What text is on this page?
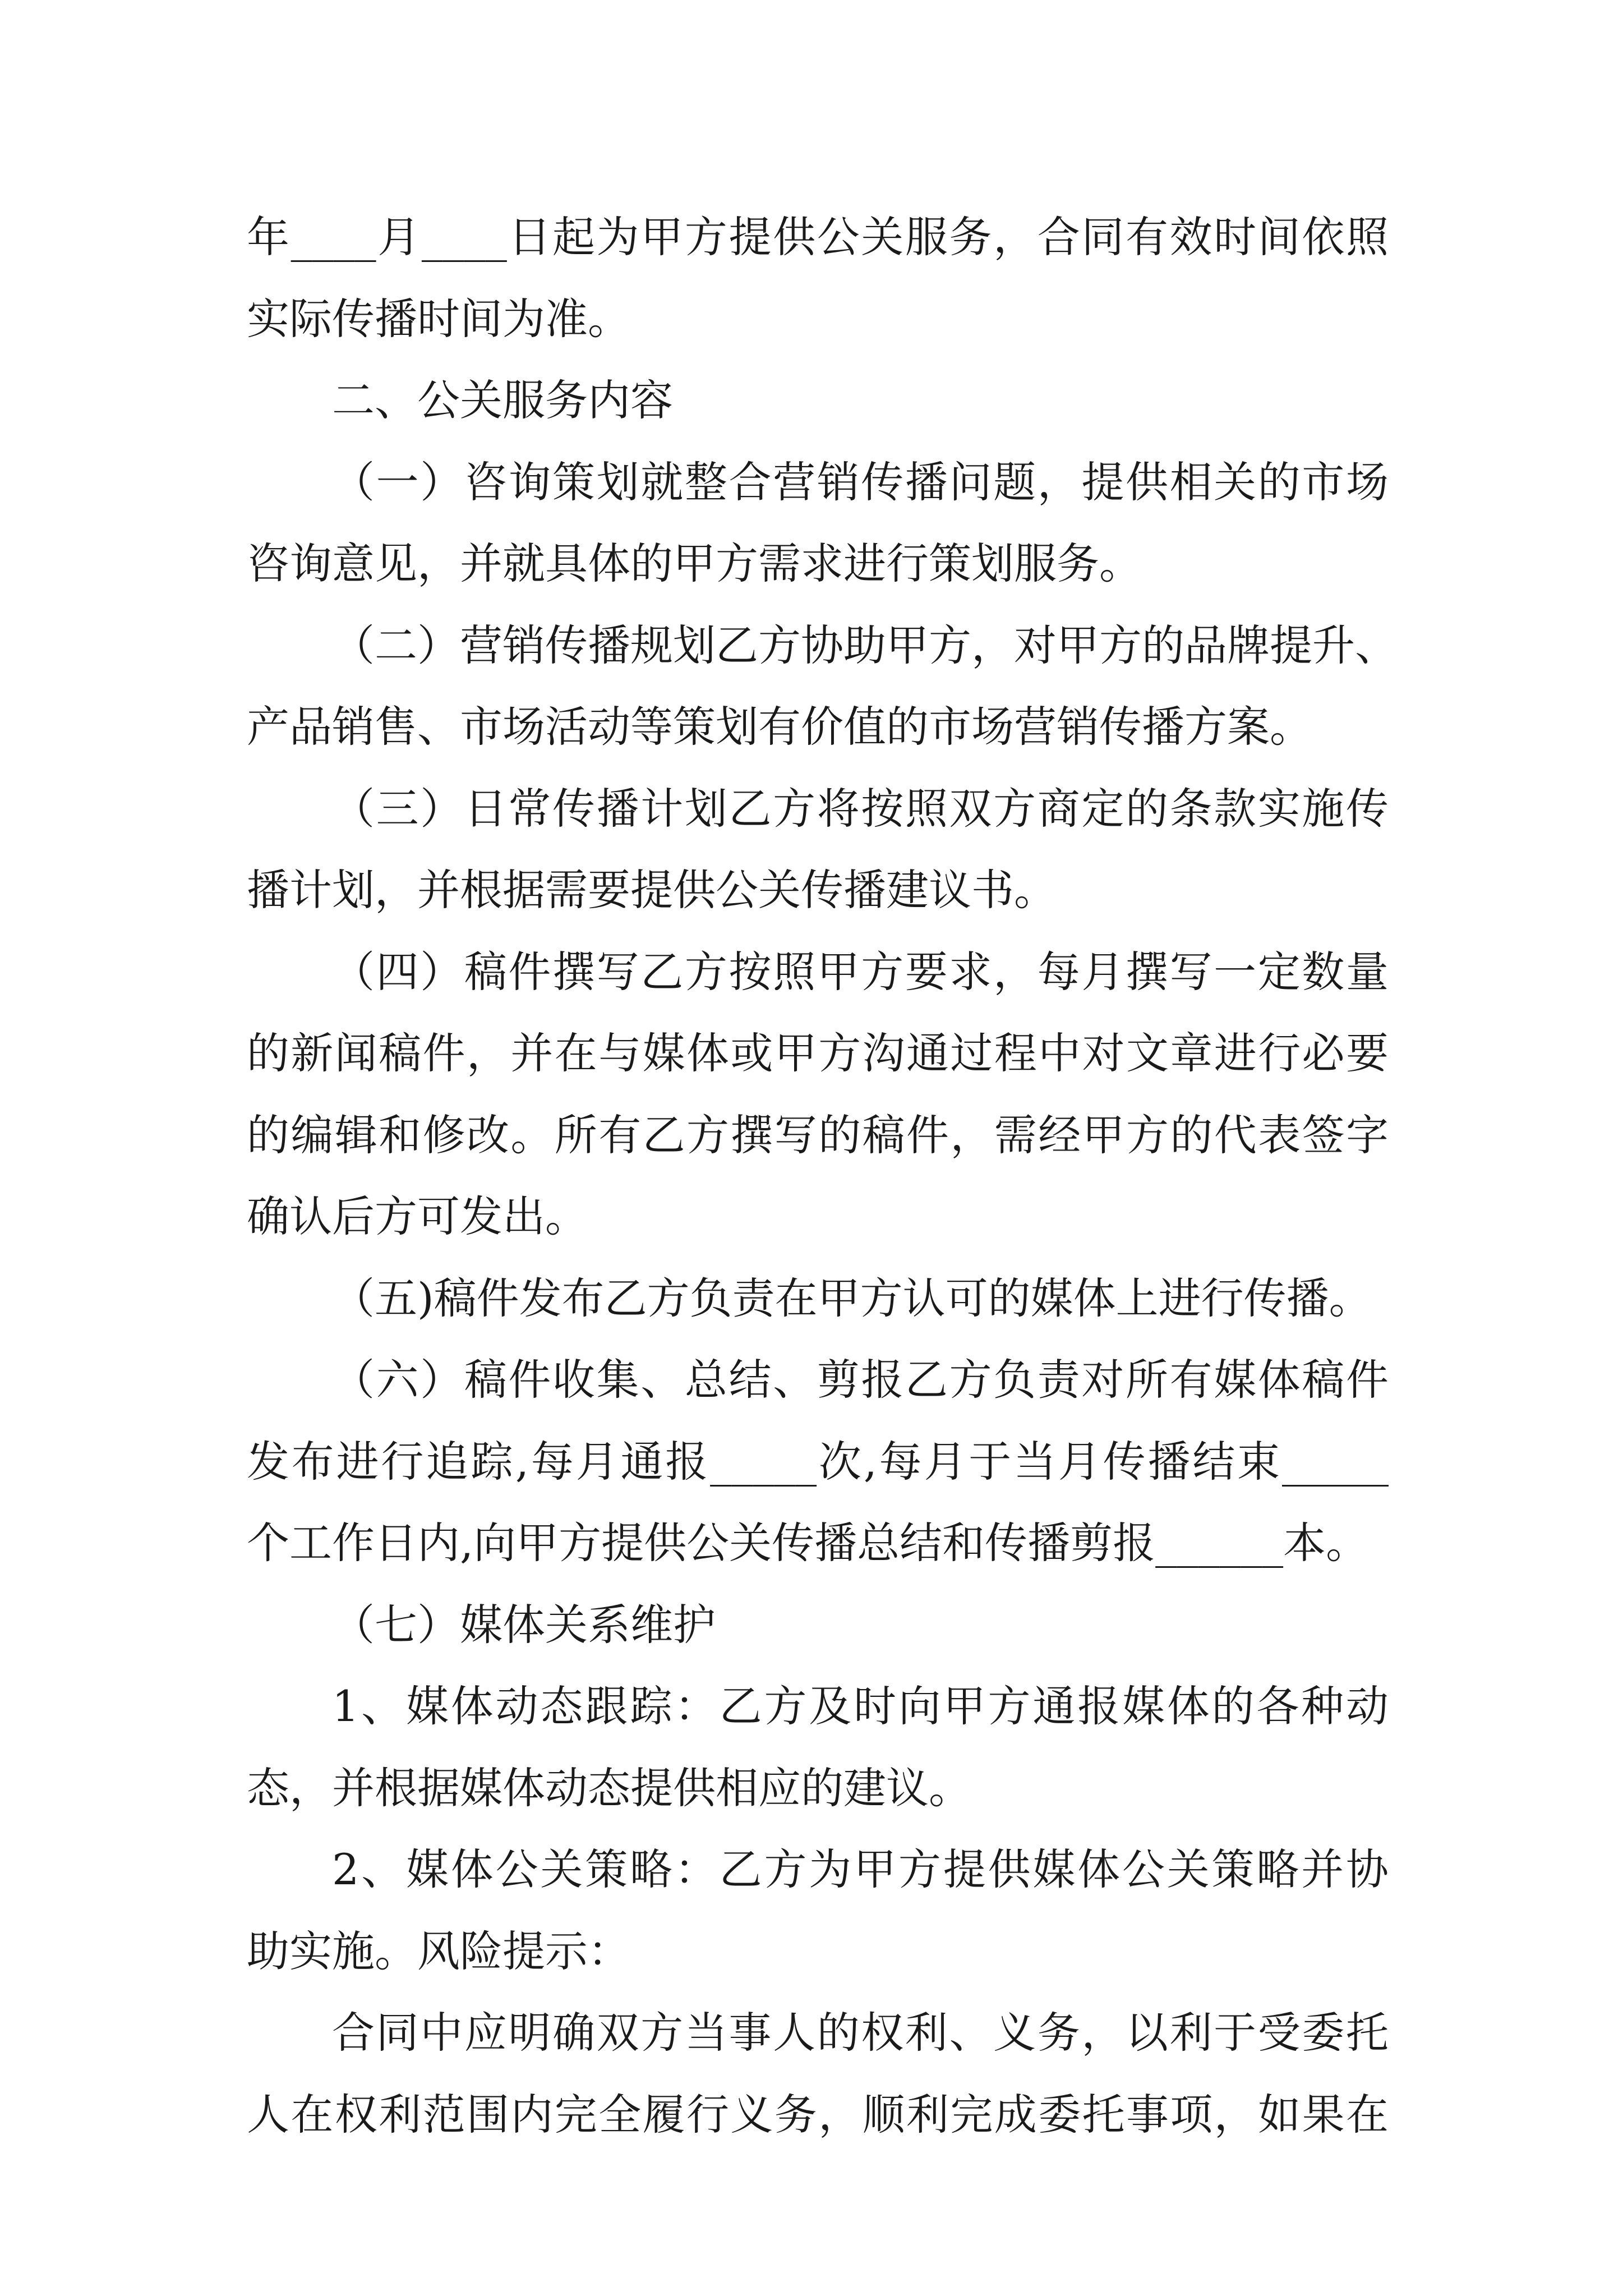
年____月____日起为甲方提供公关服务，合同有效时间依照
实际传播时间为准。
二、公关服务内容
（一）咨询策划就整合营销传播问题，提供相关的市场
咨询意见，并就具体的甲方需求进行策划服务。
（二）营销传播规划乙方协助甲方，对甲方的品牌提升、
产品销售、市场活动等策划有价值的市场营销传播方案。
（三）日常传播计划乙方将按照双方商定的条款实施传
播计划，并根据需要提供公关传播建议书。
（四）稿件撰写乙方按照甲方要求，每月撰写一定数量
的新闻稿件，并在与媒体或甲方沟通过程中对文章进行必要
的编辑和修改。所有乙方撰写的稿件，需经甲方的代表签字
确认后方可发出。
（五)稿件发布乙方负责在甲方认可的媒体上进行传播。
（六）稿件收集、总结、剪报乙方负责对所有媒体稿件
发布进行追踪,每月通报_____次,每月于当月传播结束_____
个工作日内,向甲方提供公关传播总结和传播剪报______本。
（七）媒体关系维护
1、媒体动态跟踪：乙方及时向甲方通报媒体的各种动
态，并根据媒体动态提供相应的建议。
2、媒体公关策略：乙方为甲方提供媒体公关策略并协
助实施。风险提示：
合同中应明确双方当事人的权利、义务，以利于受委托
人在权利范围内完全履行义务，顺利完成委托事项，如果在
